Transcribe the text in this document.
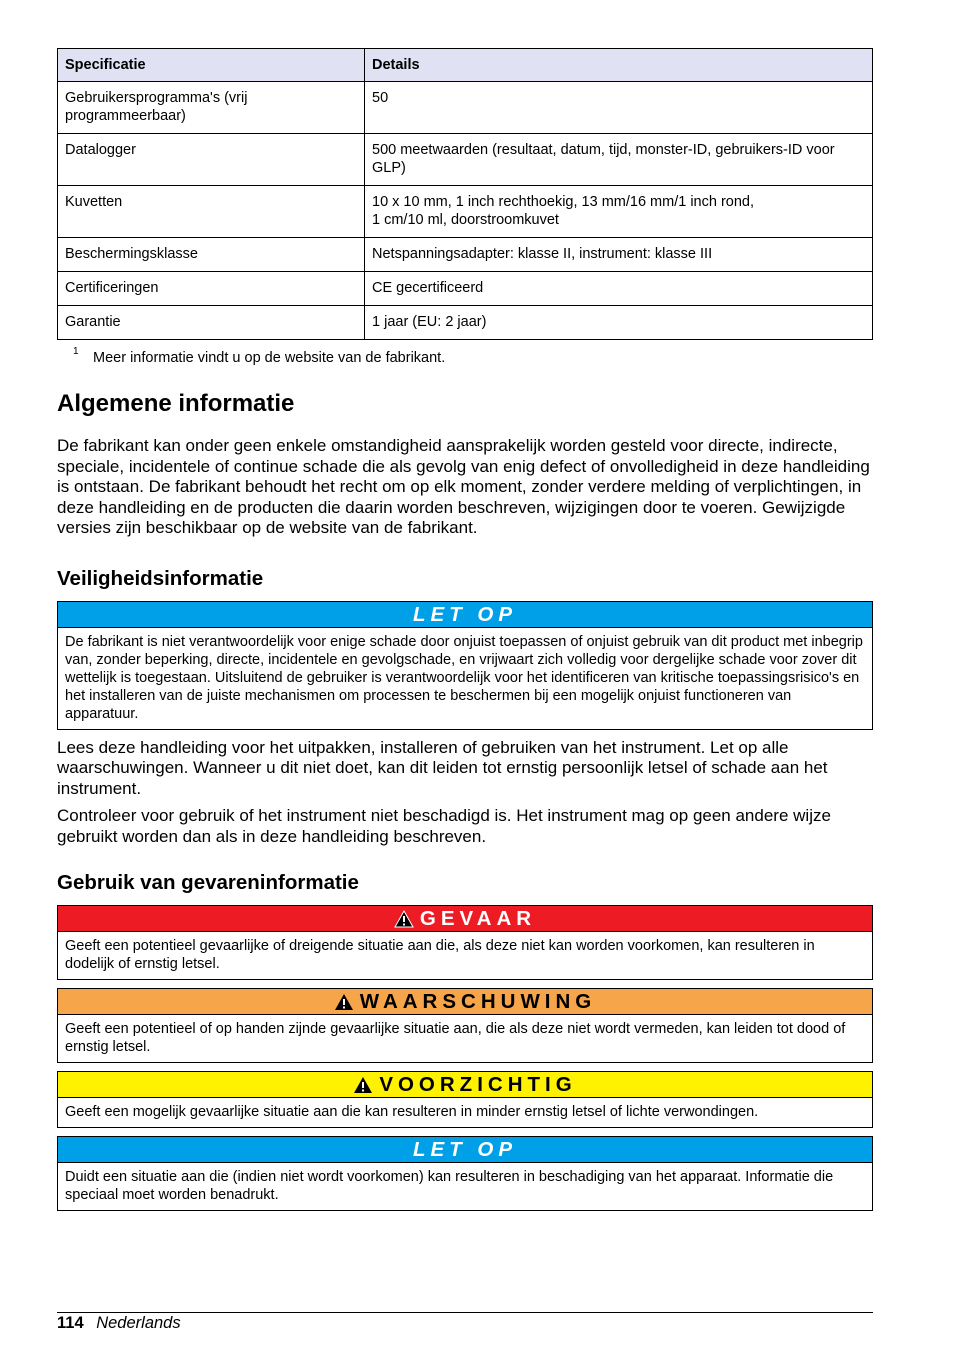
Specificatie	Details
Gebruikersprogramma's (vrij programmeerbaar)	50
Datalogger	500 meetwaarden (resultaat, datum, tijd, monster-ID, gebruikers-ID voor GLP)
Kuvetten	10 x 10 mm, 1 inch rechthoekig, 13 mm/16 mm/1 inch rond,
1 cm/10 ml, doorstroomkuvet
Beschermingsklasse	Netspanningsadapter: klasse II, instrument: klasse III
Certificeringen	CE gecertificeerd
Garantie	1 jaar (EU: 2 jaar)
1 Meer informatie vindt u op de website van de fabrikant.
Algemene informatie

De fabrikant kan onder geen enkele omstandigheid aansprakelijk worden gesteld voor directe, indirecte, speciale, incidentele of continue schade die als gevolg van enig defect of onvolledigheid in deze handleiding is ontstaan. De fabrikant behoudt het recht om op elk moment, zonder verdere melding of verplichtingen, in deze handleiding en de producten die daarin worden beschreven, wijzigingen door te voeren. Gewijzigde versies zijn beschikbaar op de website van de fabrikant.

Veiligheidsinformatie
LET OP
De fabrikant is niet verantwoordelijk voor enige schade door onjuist toepassen of onjuist gebruik van dit product met inbegrip van, zonder beperking, directe, incidentele en gevolgschade, en vrijwaart zich volledig voor dergelijke schade voor zover dit wettelijk is toegestaan. Uitsluitend de gebruiker is verantwoordelijk voor het identificeren van kritische toepassingsrisico's en het installeren van de juiste mechanismen om processen te beschermen bij een mogelijk onjuist functioneren van apparatuur.

Lees deze handleiding voor het uitpakken, installeren of gebruiken van het instrument. Let op alle waarschuwingen. Wanneer u dit niet doet, kan dit leiden tot ernstig persoonlijk letsel of schade aan het instrument.

Controleer voor gebruik of het instrument niet beschadigd is. Het instrument mag op geen andere wijze gebruikt worden dan als in deze handleiding beschreven.

Gebruik van gevareninformatie
GEVAAR
Geeft een potentieel gevaarlijke of dreigende situatie aan die, als deze niet kan worden voorkomen, kan resulteren in dodelijk of ernstig letsel.
WAARSCHUWING
Geeft een potentieel of op handen zijnde gevaarlijke situatie aan, die als deze niet wordt vermeden, kan leiden tot dood of ernstig letsel.
VOORZICHTIG
Geeft een mogelijk gevaarlijke situatie aan die kan resulteren in minder ernstig letsel of lichte verwondingen.
LET OP
Duidt een situatie aan die (indien niet wordt voorkomen) kan resulteren in beschadiging van het apparaat. Informatie die speciaal moet worden benadrukt.
114 Nederlands
